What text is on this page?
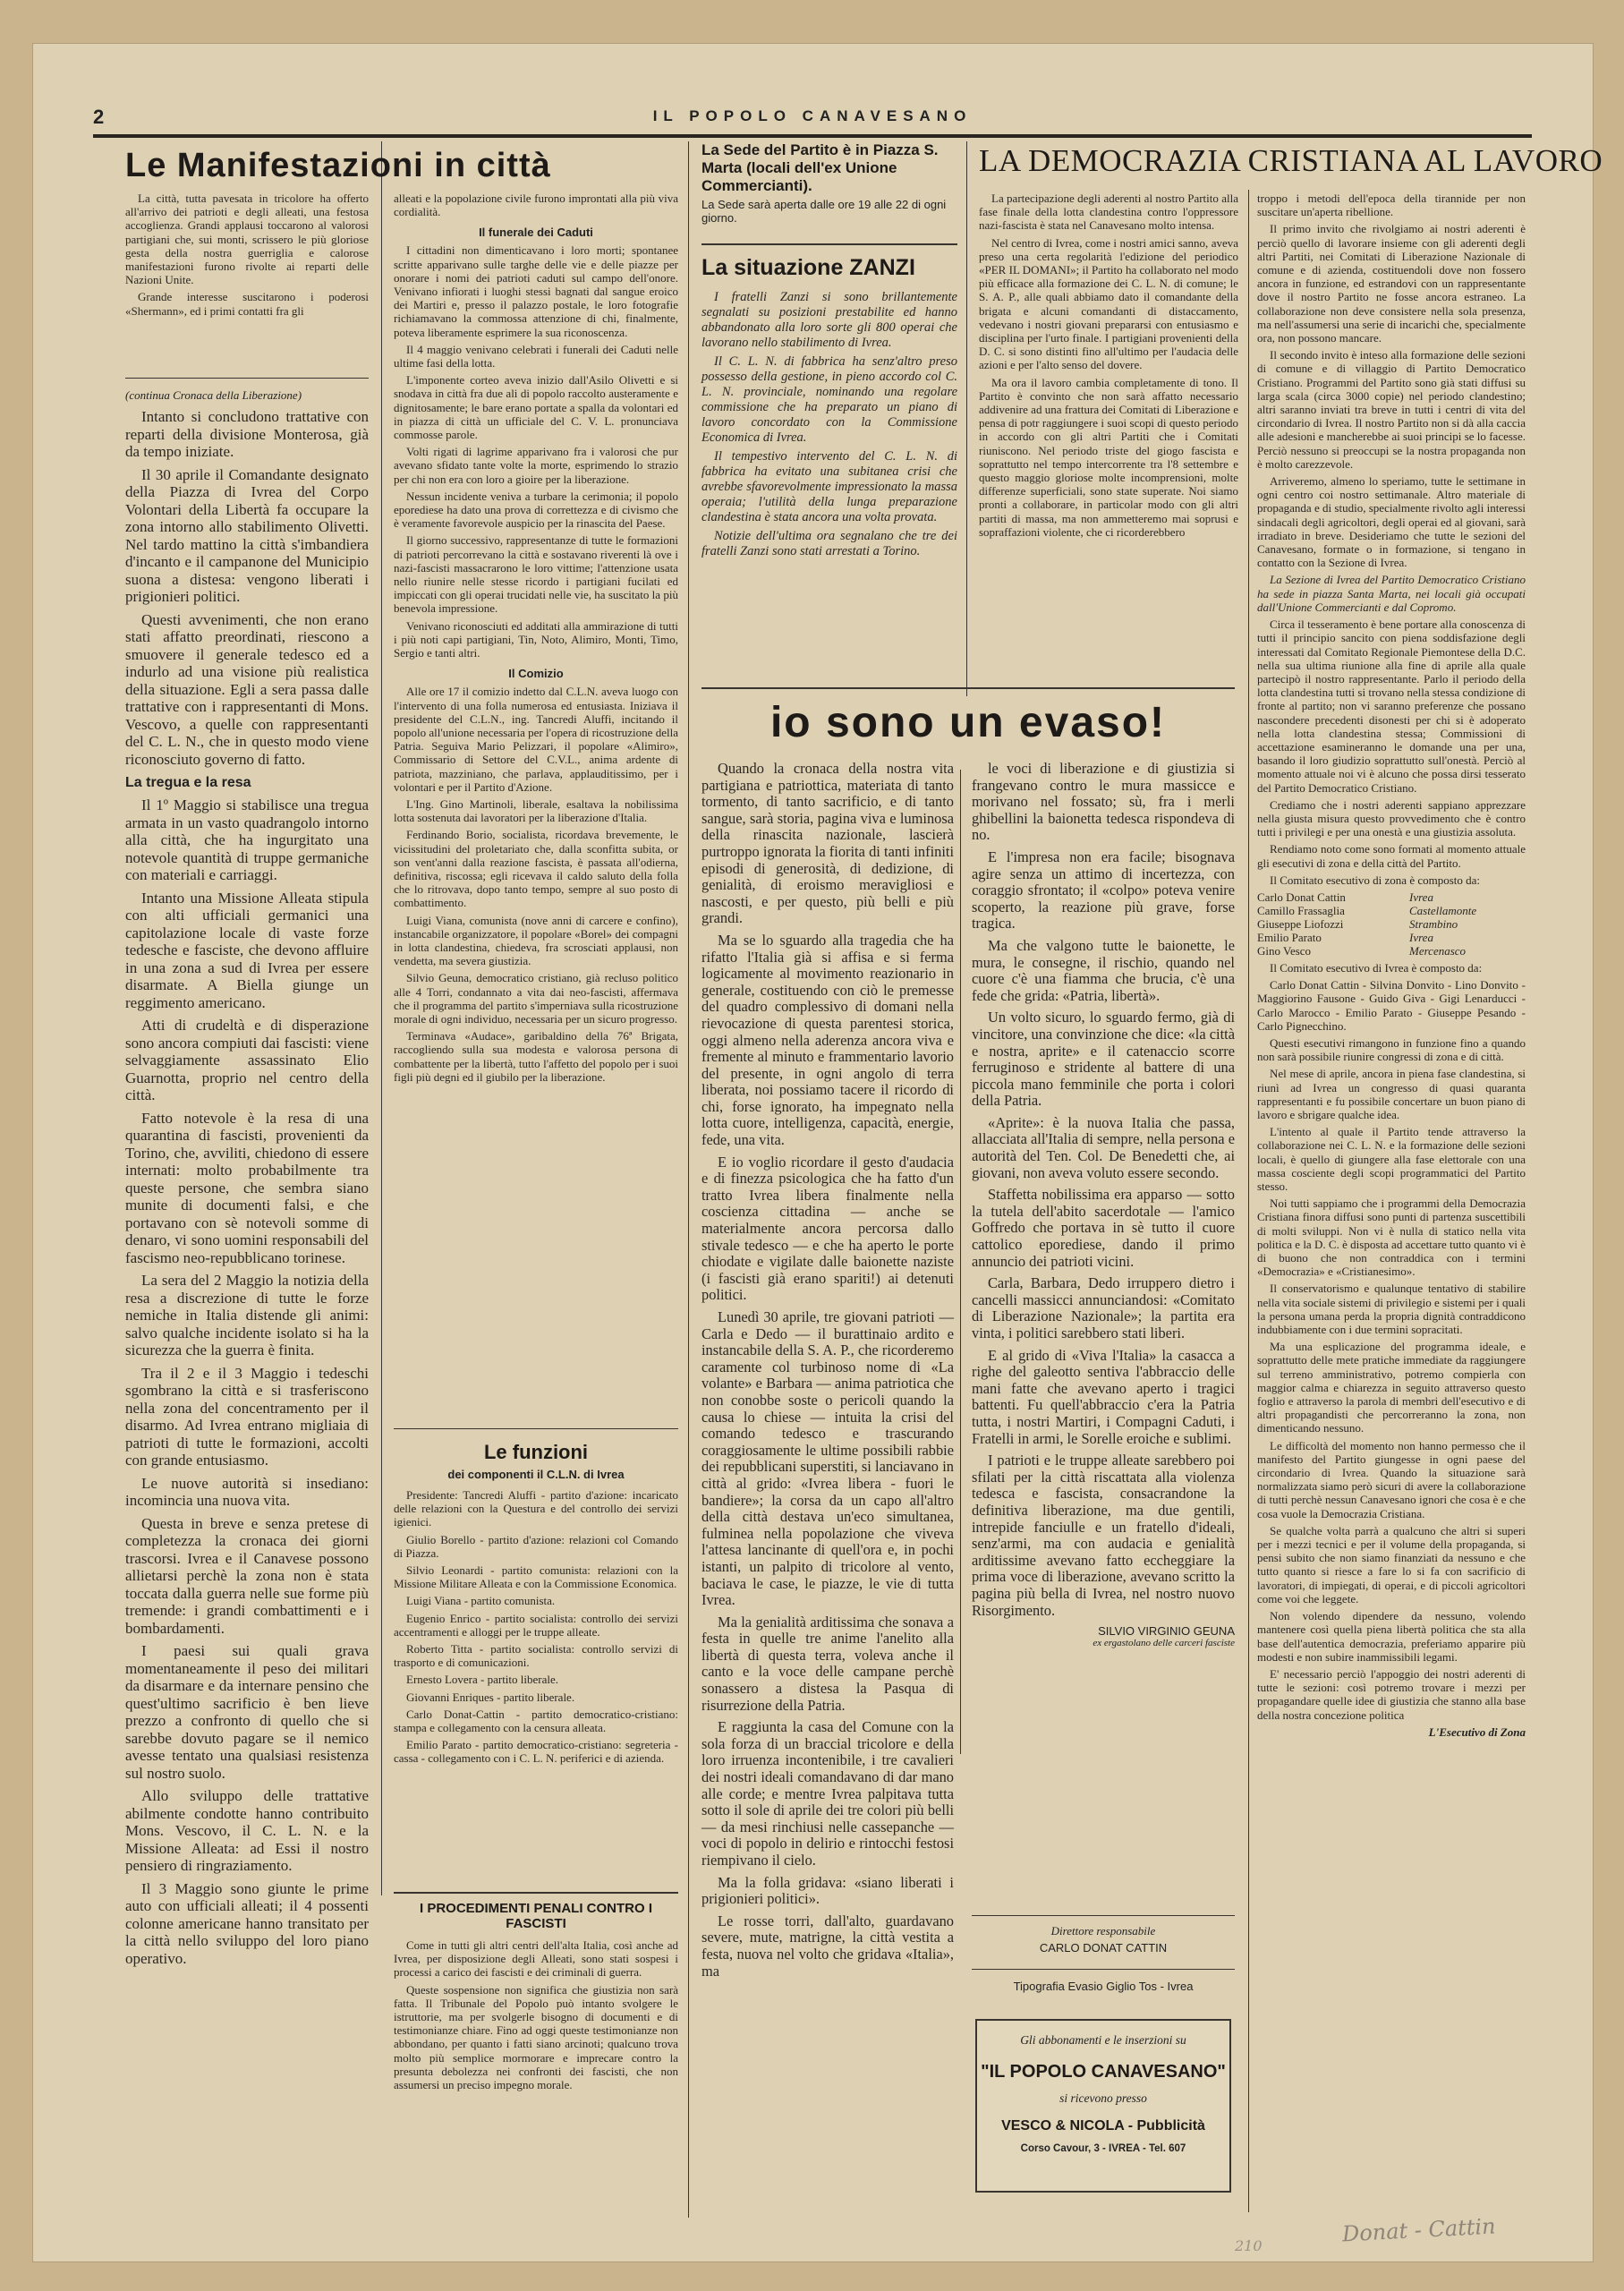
2	IL POPOLO CANAVESANO
Le Manifestazioni in città

La città, tutta pavesata in tricolore ha offerto all'arrivo dei patrioti e degli alleati, una festosa accoglienza. Grandi applausi toccarono al valorosi partigiani che, sui monti, scrissero le più gloriose gesta della nostra guerriglia e calorose manifestazioni furono rivolte ai reparti delle Nazioni Unite.

Grande interesse suscitarono i poderosi «Shermann», ed i primi contatti fra gli

(continua Cronaca della Liberazione)

Intanto si concludono trattative con reparti della divisione Monterosa, già da tempo iniziate.

Il 30 aprile il Comandante designato della Piazza di Ivrea del Corpo Volontari della Libertà fa occupare la zona intorno allo stabilimento Olivetti. Nel tardo mattino la città s'imbandiera d'incanto e il campanone del Municipio suona a distesa: vengono liberati i prigionieri politici.

Questi avvenimenti, che non erano stati affatto preordinati, riescono a smuovere il generale tedesco ed a indurlo ad una visione più realistica della situazione. Egli a sera passa dalle trattative con i rappresentanti di Mons. Vescovo, a quelle con rappresentanti del C. L. N., che in questo modo viene riconosciuto governo di fatto.

La tregua e la resa

Il 1º Maggio si stabilisce una tregua armata in un vasto quadrangolo intorno alla città, che ha ingurgitato una notevole quantità di truppe germaniche con materiali e carriaggi.

Intanto una Missione Alleata stipula con alti ufficiali germanici una capitolazione locale di vaste forze tedesche e fasciste, che devono affluire in una zona a sud di Ivrea per essere disarmate. A Biella giunge un reggimento americano.

Atti di crudeltà e di disperazione sono ancora compiuti dai fascisti: viene selvaggiamente assassinato Elio Guarnotta, proprio nel centro della città.

Fatto notevole è la resa di una quarantina di fascisti, provenienti da Torino, che, avviliti, chiedono di essere internati: molto probabilmente tra queste persone, che sembra siano munite di documenti falsi, e che portavano con sè notevoli somme di denaro, vi sono uomini responsabili del fascismo neo-repubblicano torinese.

La sera del 2 Maggio la notizia della resa a discrezione di tutte le forze nemiche in Italia distende gli animi: salvo qualche incidente isolato si ha la sicurezza che la guerra è finita.

Tra il 2 e il 3 Maggio i tedeschi sgombrano la città e si trasferiscono nella zona del concentramento per il disarmo. Ad Ivrea entrano migliaia di patrioti di tutte le formazioni, accolti con grande entusiasmo.

Le nuove autorità si insediano: incomincia una nuova vita.

Questa in breve e senza pretese di completezza la cronaca dei giorni trascorsi. Ivrea e il Canavese possono allietarsi perchè la zona non è stata toccata dalla guerra nelle sue forme più tremende: i grandi combattimenti e i bombardamenti.

I paesi sui quali grava momentaneamente il peso dei militari da disarmare e da internare pensino che quest'ultimo sacrificio è ben lieve prezzo a confronto di quello che si sarebbe dovuto pagare se il nemico avesse tentato una qualsiasi resistenza sul nostro suolo.

Allo sviluppo delle trattative abilmente condotte hanno contribuito Mons. Vescovo, il C. L. N. e la Missione Alleata: ad Essi il nostro pensiero di ringraziamento.

Il 3 Maggio sono giunte le prime auto con ufficiali alleati; il 4 possenti colonne americane hanno transitato per la città nello sviluppo del loro piano operativo.

alleati e la popolazione civile furono improntati alla più viva cordialità.

Il funerale dei Caduti

I cittadini non dimenticavano i loro morti; spontanee scritte apparivano sulle targhe delle vie e delle piazze per onorare i nomi dei patrioti caduti sul campo dell'onore. Venivano infiorati i luoghi stessi bagnati dal sangue eroico dei Martiri e, presso il palazzo postale, le loro fotografie richiamavano la commossa attenzione di chi, finalmente, poteva liberamente esprimere la sua riconoscenza.

Il 4 maggio venivano celebrati i funerali dei Caduti nelle ultime fasi della lotta.

L'imponente corteo aveva inizio dall'Asilo Olivetti e si snodava in città fra due ali di popolo raccolto austeramente e dignitosamente; le bare erano portate a spalla da volontari ed in piazza di città un ufficiale del C. V. L. pronunciava commosse parole.

Volti rigati di lagrime apparivano fra i valorosi che pur avevano sfidato tante volte la morte, esprimendo lo strazio per chi non era con loro a gioire per la liberazione.

Nessun incidente veniva a turbare la cerimonia; il popolo eporediese ha dato una prova di correttezza e di civismo che è veramente favorevole auspicio per la rinascita del Paese.

Il giorno successivo, rappresentanze di tutte le formazioni di patrioti percorrevano la città e sostavano riverenti là ove i nazi-fascisti massacrarono le loro vittime; l'attenzione usata nello riunire nelle stesse ricordo i partigiani fucilati ed impiccati con gli operai trucidati nelle vie, ha suscitato la più benevola impressione.

Venivano riconosciuti ed additati alla ammirazione di tutti i più noti capi partigiani, Tin, Noto, Alimiro, Monti, Timo, Sergio e tanti altri.

Il Comizio

Alle ore 17 il comizio indetto dal C.L.N. aveva luogo con l'intervento di una folla numerosa ed entusiasta. Iniziava il presidente del C.L.N., ing. Tancredi Aluffi, incitando il popolo all'unione necessaria per l'opera di ricostruzione della Patria. Seguiva Mario Pelizzari, il popolare «Alimiro», Commissario di Settore del C.V.L., anima ardente di patriota, mazziniano, che parlava, applauditissimo, per i volontari e per il Partito d'Azione.

L'Ing. Gino Martinoli, liberale, esaltava la nobilissima lotta sostenuta dai lavoratori per la liberazione d'Italia.

Ferdinando Borio, socialista, ricordava brevemente, le vicissitudini del proletariato che, dalla sconfitta subita, or son vent'anni dalla reazione fascista, è passata all'odierna, definitiva, riscossa; egli ricevava il caldo saluto della folla che lo ritrovava, dopo tanto tempo, sempre al suo posto di combattimento.

Luigi Viana, comunista (nove anni di carcere e confino), instancabile organizzatore, il popolare «Borel» dei compagni in lotta clandestina, chiedeva, fra scrosciati applausi, non vendetta, ma severa giustizia.

Silvio Geuna, democratico cristiano, già recluso politico alle 4 Torri, condannato a vita dai neo-fascisti, affermava che il programma del partito s'imperniava sulla ricostruzione morale di ogni individuo, necessaria per un sicuro progresso.

Terminava «Audace», garibaldino della 76ª Brigata, raccogliendo sulla sua modesta e valorosa persona di combattente per la libertà, tutto l'affetto del popolo per i suoi figli più degni ed il giubilo per la liberazione.

Le funzioni
dei componenti il C.L.N. di Ivrea

Presidente: Tancredi Aluffi - partito d'azione: incaricato delle relazioni con la Questura e del controllo dei servizi igienici.

Giulio Borello - partito d'azione: relazioni col Comando di Piazza.

Silvio Leonardi - partito comunista: relazioni con la Missione Militare Alleata e con la Commissione Economica.

Luigi Viana - partito comunista.

Eugenio Enrico - partito socialista: controllo dei servizi accentramenti e alloggi per le truppe alleate.

Roberto Titta - partito socialista: controllo servizi di trasporto e di comunicazioni.

Ernesto Lovera - partito liberale.

Giovanni Enriques - partito liberale.

Carlo Donat-Cattin - partito democratico-cristiano: stampa e collegamento con la censura alleata.

Emilio Parato - partito democratico-cristiano: segreteria - cassa - collegamento con i C. L. N. periferici e di azienda.

I PROCEDIMENTI PENALI CONTRO I FASCISTI

Come in tutti gli altri centri dell'alta Italia, così anche ad Ivrea, per disposizione degli Alleati, sono stati sospesi i processi a carico dei fascisti e dei criminali di guerra.

Queste sospensione non significa che giustizia non sarà fatta. Il Tribunale del Popolo può intanto svolgere le istruttorie, ma per svolgerle bisogno di documenti e di testimonianze chiare. Fino ad oggi queste testimonianze non abbondano, per quanto i fatti siano arcinoti; qualcuno trova molto più semplice mormorare e imprecare contro la presunta debolezza nei confronti dei fascisti, che non assumersi un preciso impegno morale.

La Sede del Partito è in Piazza S. Marta (locali dell'ex Unione Commercianti).
La Sede sarà aperta dalle ore 19 alle 22 di ogni giorno.
La situazione ZANZI

I fratelli Zanzi si sono brillantemente segnalati su posizioni prestabilite ed hanno abbandonato alla loro sorte gli 800 operai che lavorano nello stabilimento di Ivrea.

Il C. L. N. di fabbrica ha senz'altro preso possesso della gestione, in pieno accordo col C. L. N. provinciale, nominando una regolare commissione che ha preparato un piano di lavoro concordato con la Commissione Economica di Ivrea.

Il tempestivo intervento del C. L. N. di fabbrica ha evitato una subitanea crisi che avrebbe sfavorevolmente impressionato la massa operaia; l'utilità della lunga preparazione clandestina è stata ancora una volta provata.

Notizie dell'ultima ora segnalano che tre dei fratelli Zanzi sono stati arrestati a Torino.

io sono un evaso!

Quando la cronaca della nostra vita partigiana e patriottica, materiata di tanto tormento, di tanto sacrificio, e di tanto sangue, sarà storia, pagina viva e luminosa della rinascita nazionale, lascierà purtroppo ignorata la fiorita di tanti infiniti episodi di generosità, di dedizione, di genialità, di eroismo meravigliosi e nascosti, e per questo, più belli e più grandi.

Ma se lo sguardo alla tragedia che ha rifatto l'Italia già si affisa e si ferma logicamente al movimento reazionario in generale, costituendo con ciò le premesse del quadro complessivo di domani nella rievocazione di questa parentesi storica, oggi almeno nella aderenza ancora viva e fremente al minuto e frammentario lavorio del presente, in ogni angolo di terra liberata, noi possiamo tacere il ricordo di chi, forse ignorato, ha impegnato nella lotta cuore, intelligenza, capacità, energie, fede, una vita.

E io voglio ricordare il gesto d'audacia e di finezza psicologica che ha fatto d'un tratto Ivrea libera finalmente nella coscienza cittadina — anche se materialmente ancora percorsa dallo stivale tedesco — e che ha aperto le porte chiodate e vigilate dalle baionette naziste (i fascisti già erano spariti!) ai detenuti politici.

Lunedì 30 aprile, tre giovani patrioti — Carla e Dedo — il burattinaio ardito e instancabile della S. A. P., che ricorderemo caramente col turbinoso nome di «La volante» e Barbara — anima patriotica che non conobbe soste o pericoli quando la causa lo chiese — intuita la crisi del comando tedesco e trascurando coraggiosamente le ultime possibili rabbie dei repubblicani superstiti, si lanciavano in città al grido: «Ivrea libera - fuori le bandiere»; la corsa da un capo all'altro della città destava un'eco simultanea, fulminea nella popolazione che viveva l'attesa lancinante di quell'ora e, in pochi istanti, un palpito di tricolore al vento, baciava le case, le piazze, le vie di tutta Ivrea.

Ma la genialità arditissima che sonava a festa in quelle tre anime l'anelito alla libertà di questa terra, voleva anche il canto e la voce delle campane perchè sonassero a distesa la Pasqua di risurrezione della Patria.

E raggiunta la casa del Comune con la sola forza di un braccial tricolore e della loro irruenza incontenibile, i tre cavalieri dei nostri ideali comandavano di dar mano alle corde; e mentre Ivrea palpitava tutta sotto il sole di aprile dei tre colori più belli — da mesi rinchiusi nelle cassepanche — voci di popolo in delirio e rintocchi festosi riempivano il cielo.

Ma la folla gridava: «siano liberati i prigionieri politici».

Le rosse torri, dall'alto, guardavano severe, mute, matrigne, la città vestita a festa, nuova nel volto che gridava «Italia», ma

le voci di liberazione e di giustizia si frangevano contro le mura massicce e morivano nel fossato; sù, fra i merli ghibellini la baionetta tedesca rispondeva di no.

E l'impresa non era facile; bisognava agire senza un attimo di incertezza, con coraggio sfrontato; il «colpo» poteva venire scoperto, la reazione più grave, forse tragica.

Ma che valgono tutte le baionette, le mura, le consegne, il rischio, quando nel cuore c'è una fiamma che brucia, c'è una fede che grida: «Patria, libertà».

Un volto sicuro, lo sguardo fermo, già di vincitore, una convinzione che dice: «la città e nostra, aprite» e il catenaccio scorre ferruginoso e stridente al battere di una piccola mano femminile che porta i colori della Patria.

«Aprite»: è la nuova Italia che passa, allacciata all'Italia di sempre, nella persona e autorità del Ten. Col. De Benedetti che, ai giovani, non aveva voluto essere secondo.

Staffetta nobilissima era apparso — sotto la tutela dell'abito sacerdotale — l'amico Goffredo che portava in sè tutto il cuore cattolico eporediese, dando il primo annuncio dei patrioti vicini.

Carla, Barbara, Dedo irruppero dietro i cancelli massicci annunciandosi: «Comitato di Liberazione Nazionale»; la partita era vinta, i politici sarebbero stati liberi.

E al grido di «Viva l'Italia» la casacca a righe del galeotto sentiva l'abbraccio delle mani fatte che avevano aperto i tragici battenti. Fu quell'abbraccio c'era la Patria tutta, i nostri Martiri, i Compagni Caduti, i Fratelli in armi, le Sorelle eroiche e sublimi.

I patrioti e le truppe alleate sarebbero poi sfilati per la città riscattata alla violenza tedesca e fascista, consacrandone la definitiva liberazione, ma due gentili, intrepide fanciulle e un fratello d'ideali, senz'armi, ma con audacia e genialità arditissime avevano fatto eccheggiare la prima voce di liberazione, avevano scritto la pagina più bella di Ivrea, nel nostro nuovo Risorgimento.

SILVIO VIRGINIO GEUNA
ex ergastolano delle carceri fasciste
Direttore responsabile
CARLO DONAT CATTIN
Tipografia Evasio Giglio Tos - Ivrea
Gli abbonamenti e le inserzioni su
"IL POPOLO CANAVESANO"
si ricevono presso
VESCO & NICOLA - Pubblicità
Corso Cavour, 3 - IVREA - Tel. 607
LA DEMOCRAZIA CRISTIANA AL LAVORO

La partecipazione degli aderenti al nostro Partito alla fase finale della lotta clandestina contro l'oppressore nazi-fascista è stata nel Canavesano molto intensa.

Nel centro di Ivrea, come i nostri amici sanno, aveva preso una certa regolarità l'edizione del periodico «PER IL DOMANI»; il Partito ha collaborato nel modo più efficace alla formazione dei C. L. N. di comune; le S. A. P., alle quali abbiamo dato il comandante della brigata e alcuni comandanti di distaccamento, vedevano i nostri giovani prepararsi con entusiasmo e disciplina per l'urto finale. I partigiani provenienti della D. C. si sono distinti fino all'ultimo per l'audacia delle azioni e per l'alto senso del dovere.

Ma ora il lavoro cambia completamente di tono. Il Partito è convinto che non sarà affatto necessario addivenire ad una frattura dei Comitati di Liberazione e pensa di potr raggiungere i suoi scopi di questo periodo in accordo con gli altri Partiti che i Comitati riuniscono. Nel periodo triste del giogo fascista e soprattutto nel tempo intercorrente tra l'8 settembre e questo maggio gloriose molte incomprensioni, molte differenze superficiali, sono state superate. Noi siamo pronti a collaborare, in particolar modo con gli altri partiti di massa, ma non ammetteremo mai soprusi e sopraffazioni violente, che ci ricorderebbero

troppo i metodi dell'epoca della tirannide per non suscitare un'aperta ribellione.

Il primo invito che rivolgiamo ai nostri aderenti è perciò quello di lavorare insieme con gli aderenti degli altri Partiti, nei Comitati di Liberazione Nazionale di comune e di azienda, costituendoli dove non fossero ancora in funzione, ed estrandovi con un rappresentante dove il nostro Partito ne fosse ancora estraneo. La collaborazione non deve consistere nella sola presenza, ma nell'assumersi una serie di incarichi che, specialmente ora, non possono mancare.

Il secondo invito è inteso alla formazione delle sezioni di comune e di villaggio di Partito Democratico Cristiano. Programmi del Partito sono già stati diffusi su larga scala (circa 3000 copie) nel periodo clandestino; altri saranno inviati tra breve in tutti i centri di vita del circondario di Ivrea. Il nostro Partito non si dà alla caccia alle adesioni e mancherebbe ai suoi principi se lo facesse. Perciò nessuno si preoccupi se la nostra propaganda non è molto carezzevole.

Arriveremo, almeno lo speriamo, tutte le settimane in ogni centro coi nostro settimanale. Altro materiale di propaganda e di studio, specialmente rivolto agli interessi sindacali degli agricoltori, degli operai ed al giovani, sarà irradiato in breve. Desideriamo che tutte le sezioni del Canavesano, formate o in formazione, si tengano in contatto con la Sezione di Ivrea.

La Sezione di Ivrea del Partito Democratico Cristiano ha sede in piazza Santa Marta, nei locali già occupati dall'Unione Commercianti e dal Copromo.

Circa il tesseramento è bene portare alla conoscenza di tutti il principio sancito con piena soddisfazione degli interessati dal Comitato Regionale Piemontese della D.C. nella sua ultima riunione alla fine di aprile alla quale partecipò il nostro rappresentante. Parlo il periodo della lotta clandestina tutti si trovano nella stessa condizione di fronte al partito; non vi saranno preferenze che possano nascondere precedenti disonesti per chi si è adoperato nella lotta clandestina stessa; Commissioni di accettazione esamineranno le domande una per una, basando il loro giudizio soprattutto sull'onestà. Perciò al momento attuale noi vi è alcuno che possa dirsi tesserato del Partito Democratico Cristiano.

Crediamo che i nostri aderenti sappiano apprezzare nella giusta misura questo provvedimento che è contro tutti i privilegi e per una onestà e una giustizia assoluta.

Rendiamo noto come sono formati al momento attuale gli esecutivi di zona e della città del Partito.

Il Comitato esecutivo di zona è composto da:

Carlo Donat Cattin	Ivrea
Camillo Frassaglia	Castellamonte
Giuseppe Liofozzi	Strambino
Emilio Parato	Ivrea
Gino Vesco	Mercenasco

Il Comitato esecutivo di Ivrea è composto da:

Carlo Donat Cattin - Silvina Donvito - Lino Donvito - Maggiorino Fausone - Guido Giva - Gigi Lenarducci - Carlo Marocco - Emilio Parato - Giuseppe Pesando - Carlo Pignecchino.

Questi esecutivi rimangono in funzione fino a quando non sarà possibile riunire congressi di zona e di città.

Nel mese di aprile, ancora in piena fase clandestina, si riunì ad Ivrea un congresso di quasi quaranta rappresentanti e fu possibile concertare un buon piano di lavoro e sbrigare qualche idea.

L'intento al quale il Partito tende attraverso la collaborazione nei C. L. N. e la formazione delle sezioni locali, è quello di giungere alla fase elettorale con una massa cosciente degli scopi programmatici del Partito stesso.

Noi tutti sappiamo che i programmi della Democrazia Cristiana finora diffusi sono punti di partenza suscettibili di molti sviluppi. Non vi è nulla di statico nella vita politica e la D. C. è disposta ad accettare tutto quanto vi è di buono che non contraddica con i termini «Democrazia» e «Cristianesimo».

Il conservatorismo e qualunque tentativo di stabilire nella vita sociale sistemi di privilegio e sistemi per i quali la persona umana perda la propria dignità contraddicono indubbiamente con i due termini sopracitati.

Ma una esplicazione del programma ideale, e soprattutto delle mete pratiche immediate da raggiungere sul terreno amministrativo, potremo compierla con maggior calma e chiarezza in seguito attraverso questo foglio e attraverso la parola di membri dell'esecutivo e di altri propagandisti che percorreranno la zona, non dimenticando nessuno.

Le difficoltà del momento non hanno permesso che il manifesto del Partito giungesse in ogni paese del circondario di Ivrea. Quando la situazione sarà normalizzata siamo però sicuri di avere la collaborazione di tutti perchè nessun Canavesano ignori che cosa è e che cosa vuole la Democrazia Cristiana.

Se qualche volta parrà a qualcuno che altri si superi per i mezzi tecnici e per il volume della propaganda, si pensi subito che non siamo finanziati da nessuno e che tutto quanto si riesce a fare lo si fa con sacrificio di lavoratori, di impiegati, di operai, e di piccoli agricoltori come voi che leggete.

Non volendo dipendere da nessuno, volendo mantenere così quella piena libertà politica che sta alla base dell'autentica democrazia, preferiamo apparire più modesti e non subire inammissibili legami.

E' necessario perciò l'appoggio dei nostri aderenti di tutte le sezioni: così potremo trovare i mezzi per propagandare quelle idee di giustizia che stanno alla base della nostra concezione politica

L'Esecutivo di Zona
Donat - Cattin
210
